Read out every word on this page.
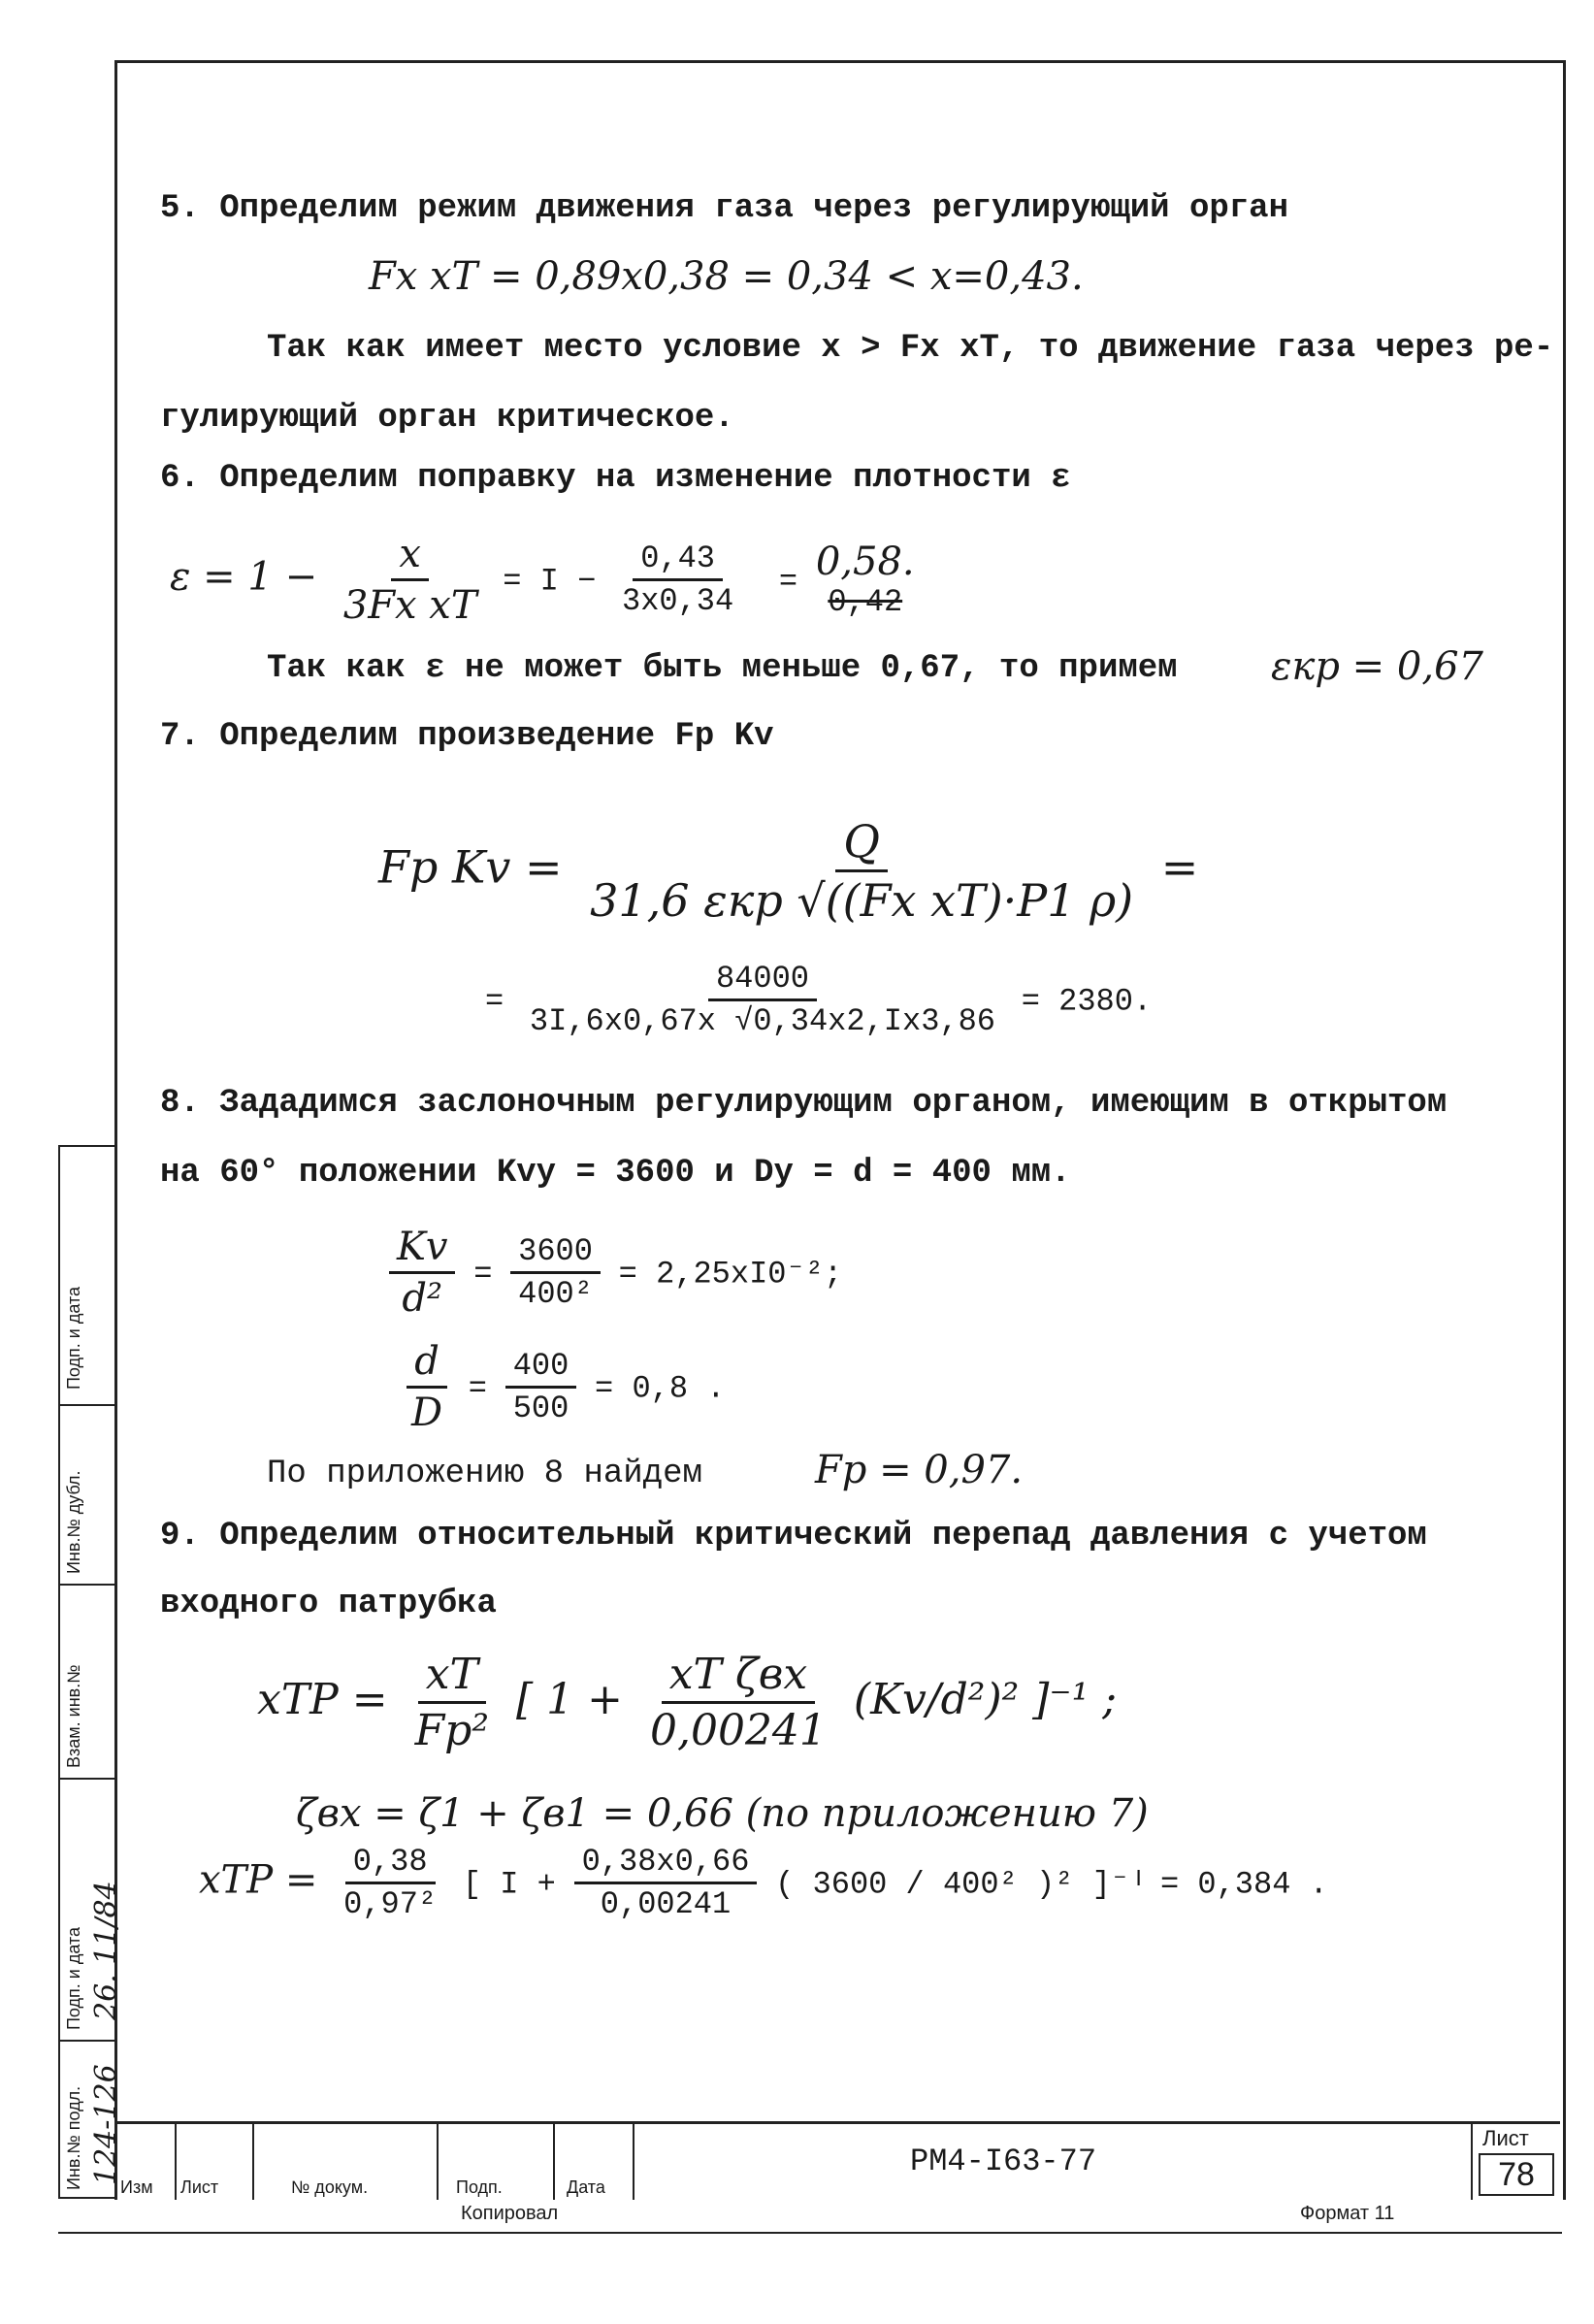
5. Определим режим движения газа через регулирующий орган
Fx xT = 0,89x0,38 = 0,34 < x=0,43.
Так как имеет место условие x > Fx xT, то движение газа через ре-
гулирующий орган критическое.
6. Определим поправку на изменение плотности ε
$\varepsilon = 1 - \frac{x}{\text{3Fx xT}} = I - \frac{0,43}{3x0,34} = 0,58$.
0,42
Так как ε не может быть меньше 0,67, то примем εкр = 0,67
7. Определим произведение Fр Kv
Fр $Kv = \frac{Q}{\text{31,6 εкр √((Fx xT)·P1 ρ)}}$ =
= $\frac{84000}{3I,6x0,67x √0,34x2,Ix3,86} = 2380$.
8. Зададимся заслоночным регулирующим органом, имеющим в открытом
на 60° положении Kvy = 3600 и Dy = d = 400 мм.
$\frac{Kv}{\text{d²}} = \frac{3600}{\text{400²}} = 2,25xI0^{-2}$;
$\frac{d}{D} = \frac{400}{500} = 0,8$ .
По приложению 8 найдем	Fр = 0,97.
9. Определим относительный критический перепад давления с учетом
входного патрубка
xТР = $\frac{xT}{\text{Fр²}}$ [ $1 + \frac{\text{xT ζвх}}{0,00241} (Kv/d^2)^2$ ]⁻¹ ;
ζвх = ζ1 + ζв1 = 0,66 (по приложению 7)
xТР = $\frac{0,38}{\text{0,97²}}$ [ $I + \frac{0,38x0,66}{0,00241}$ ( 3600 / 400² )² ]⁻ᴵ = 0,384 .
Подп. и дата
Инв.№ дубл.
Взам. инв.№
Подп. и дата 26. 11/84
Инв.№ подл. 124-126
Изм Лист	№ докум.	Подп.	Дата
РМ4-I63-77
Лист
78
Копировал	Формат 11
